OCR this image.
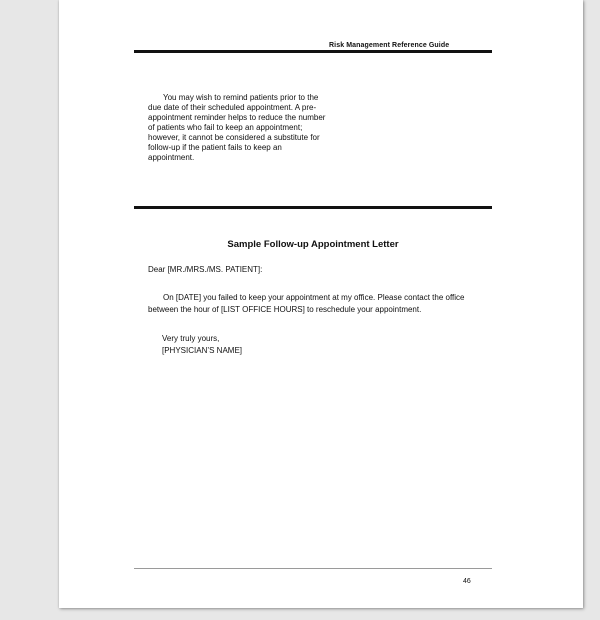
Risk Management Reference Guide
You may wish to remind patients prior to the due date of their scheduled appointment. A pre-appointment reminder helps to reduce the number of patients who fail to keep an appointment; however, it cannot be considered a substitute for follow-up if the patient fails to keep an appointment.
Sample Follow-up Appointment Letter
Dear [MR./MRS./MS. PATIENT]:
On [DATE] you failed to keep your appointment at my office. Please contact the office between the hour of [LIST OFFICE HOURS] to reschedule your appointment.
Very truly yours,
[PHYSICIAN’S NAME]
46
